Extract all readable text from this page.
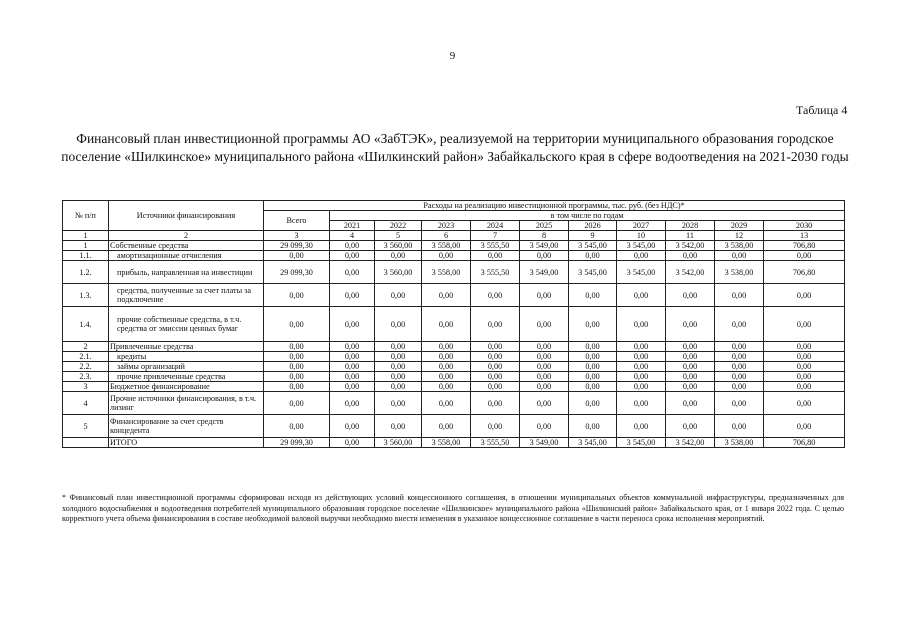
9
Таблица 4
Финансовый план инвестиционной программы АО «ЗабТЭК», реализуемой на территории муниципального образования городское поселение «Шилкинское» муниципального района «Шилкинский район» Забайкальского края в сфере водоотведения на 2021-2030 годы
№ п/п	Источники финансирования	Расходы на реализацию инвестиционной программы, тыс. руб. (без НДС)*										
		Всего	в том числе по годам									
			2021	2022	2023	2024	2025	2026	2027	2028	2029	2030
1	2	3	4	5	6	7	8	9	10	11	12	13
1	Собственные средства	29 099,30	0,00	3 560,00	3 558,00	3 555,50	3 549,00	3 545,00	3 545,00	3 542,00	3 538,00	706,80
1.1.	амортизационные отчисления	0,00	0,00	0,00	0,00	0,00	0,00	0,00	0,00	0,00	0,00	0,00
1.2.	прибыль, направленная на инвестиции	29 099,30	0,00	3 560,00	3 558,00	3 555,50	3 549,00	3 545,00	3 545,00	3 542,00	3 538,00	706,80
1.3.	средства, полученные за счет платы за подключение	0,00	0,00	0,00	0,00	0,00	0,00	0,00	0,00	0,00	0,00	0,00
1.4.	прочие собственные средства, в т.ч. средства от эмиссии ценных бумаг	0,00	0,00	0,00	0,00	0,00	0,00	0,00	0,00	0,00	0,00	0,00
2	Привлеченные средства	0,00	0,00	0,00	0,00	0,00	0,00	0,00	0,00	0,00	0,00	0,00
2.1.	кредиты	0,00	0,00	0,00	0,00	0,00	0,00	0,00	0,00	0,00	0,00	0,00
2.2.	займы организаций	0,00	0,00	0,00	0,00	0,00	0,00	0,00	0,00	0,00	0,00	0,00
2.3.	прочие привлеченные средства	0,00	0,00	0,00	0,00	0,00	0,00	0,00	0,00	0,00	0,00	0,00
3	Бюджетное финансирование	0,00	0,00	0,00	0,00	0,00	0,00	0,00	0,00	0,00	0,00	0,00
4	Прочие источники финансирования, в т.ч. лизинг	0,00	0,00	0,00	0,00	0,00	0,00	0,00	0,00	0,00	0,00	0,00
5	Финансирование за счет средств концедента	0,00	0,00	0,00	0,00	0,00	0,00	0,00	0,00	0,00	0,00	0,00
	ИТОГО	29 099,30	0,00	3 560,00	3 558,00	3 555,50	3 549,00	3 545,00	3 545,00	3 542,00	3 538,00	706,80
* Финансовый план инвестиционной программы сформирован исходя из действующих условий концессионного соглашения, в отношении муниципальных объектов коммунальной инфраструктуры, предназначенных для холодного водоснабжения и водоотведения потребителей муниципального образования городское поселение «Шилкинское» муниципального района «Шилкинский район» Забайкальского края, от 1 января 2022 года. С целью корректного учета объема финансирования в составе необходимой валовой выручки необходимо внести изменения в указанное концессионное соглашение в части переноса срока исполнения мероприятий.
